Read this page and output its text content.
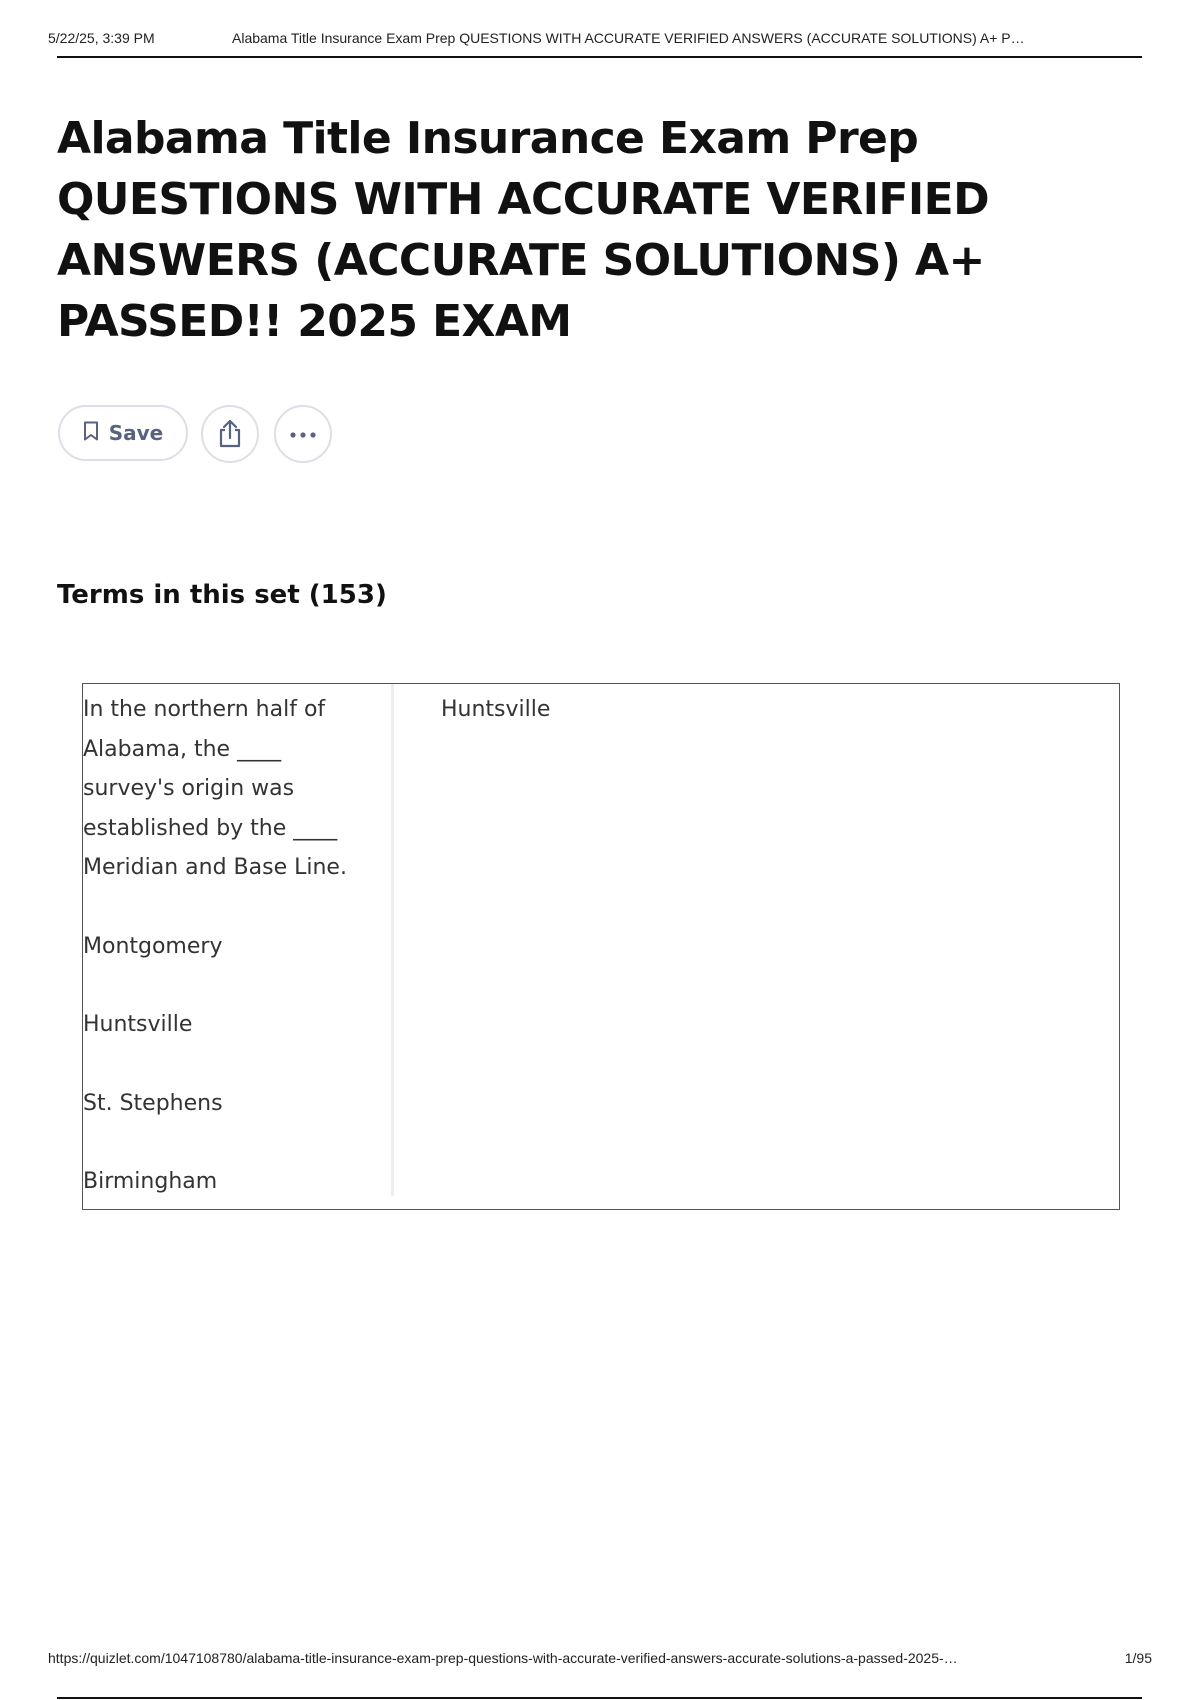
5/22/25, 3:39 PM	Alabama Title Insurance Exam Prep QUESTIONS WITH ACCURATE VERIFIED ANSWERS (ACCURATE SOLUTIONS) A+ P…
Alabama Title Insurance Exam Prep QUESTIONS WITH ACCURATE VERIFIED ANSWERS (ACCURATE SOLUTIONS) A+ PASSED!! 2025 EXAM
Save
Terms in this set (153)
In the northern half of
Alabama, the ____
survey's origin was
established by the ____
Meridian and Base Line.
Montgomery
Huntsville
St. Stephens
Birmingham
Huntsville
https://quizlet.com/1047108780/alabama-title-insurance-exam-prep-questions-with-accurate-verified-answers-accurate-solutions-a-passed-2025-…	1/95
